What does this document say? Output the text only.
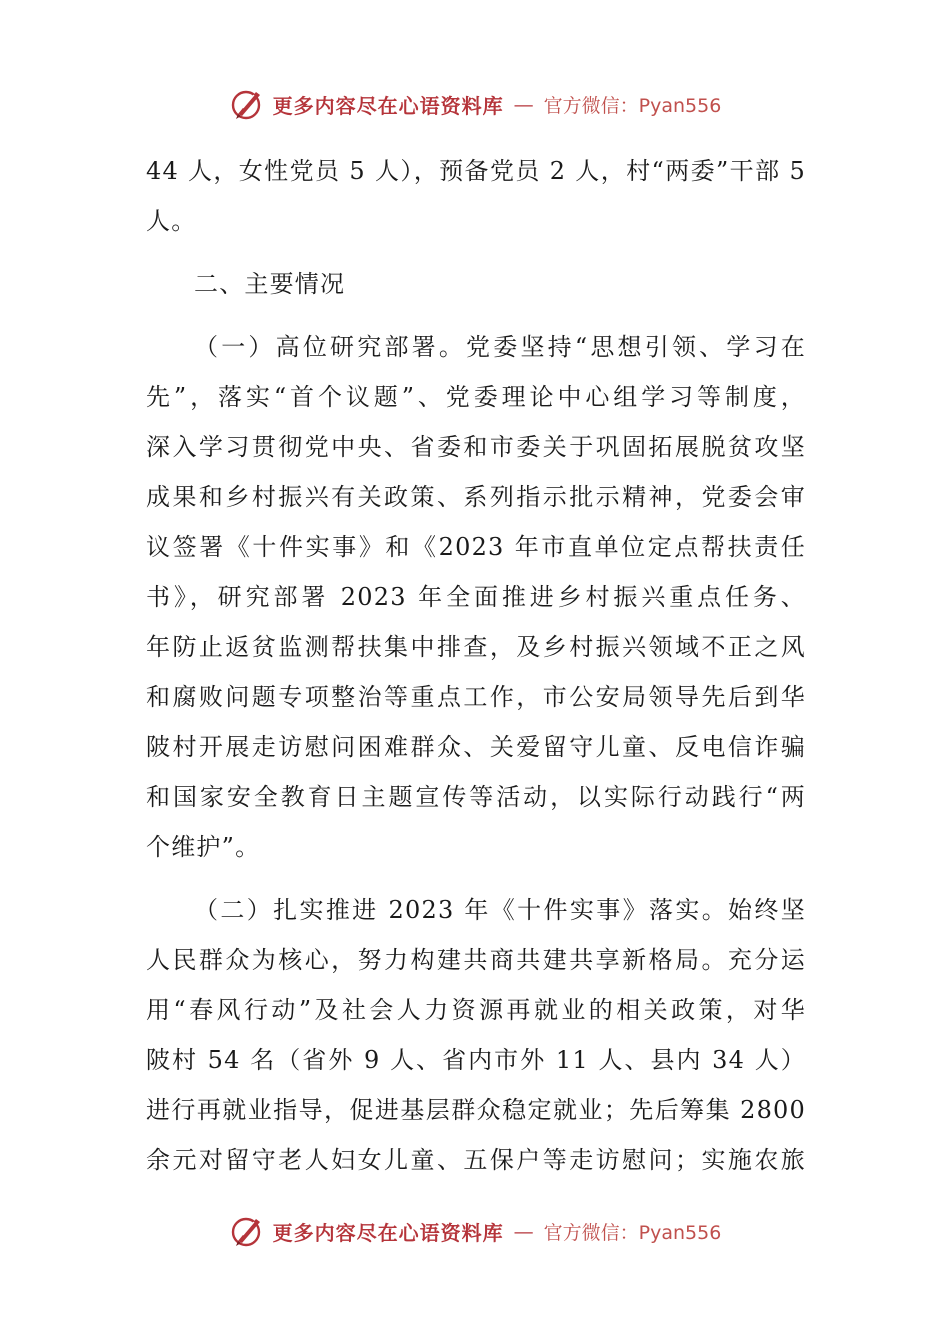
更多内容尽在心语资料库 — 官方微信：Pyan556
44 人，女性党员 5 人），预备党员 2 人，村“两委”干部 5
人。
二、主要情况
（一）高位研究部署。党委坚持“思想引领、学习在
先”，落实“首个议题”、党委理论中心组学习等制度，
深入学习贯彻党中央、省委和市委关于巩固拓展脱贫攻坚
成果和乡村振兴有关政策、系列指示批示精神，党委会审
议签署《十件实事》和《2023 年市直单位定点帮扶责任
书》，研究部署 2023 年全面推进乡村振兴重点任务、
年防止返贫监测帮扶集中排查，及乡村振兴领域不正之风
和腐败问题专项整治等重点工作，市公安局领导先后到华
陂村开展走访慰问困难群众、关爱留守儿童、反电信诈骗
和国家安全教育日主题宣传等活动，以实际行动践行“两
个维护”。
（二）扎实推进 2023 年《十件实事》落实。始终坚
人民群众为核心，努力构建共商共建共享新格局。充分运
用“春风行动”及社会人力资源再就业的相关政策，对华
陂村 54 名（省外 9 人、省内市外 11 人、县内 34 人）
进行再就业指导，促进基层群众稳定就业；先后筹集 2800
余元对留守老人妇女儿童、五保户等走访慰问；实施农旅
更多内容尽在心语资料库 — 官方微信：Pyan556
